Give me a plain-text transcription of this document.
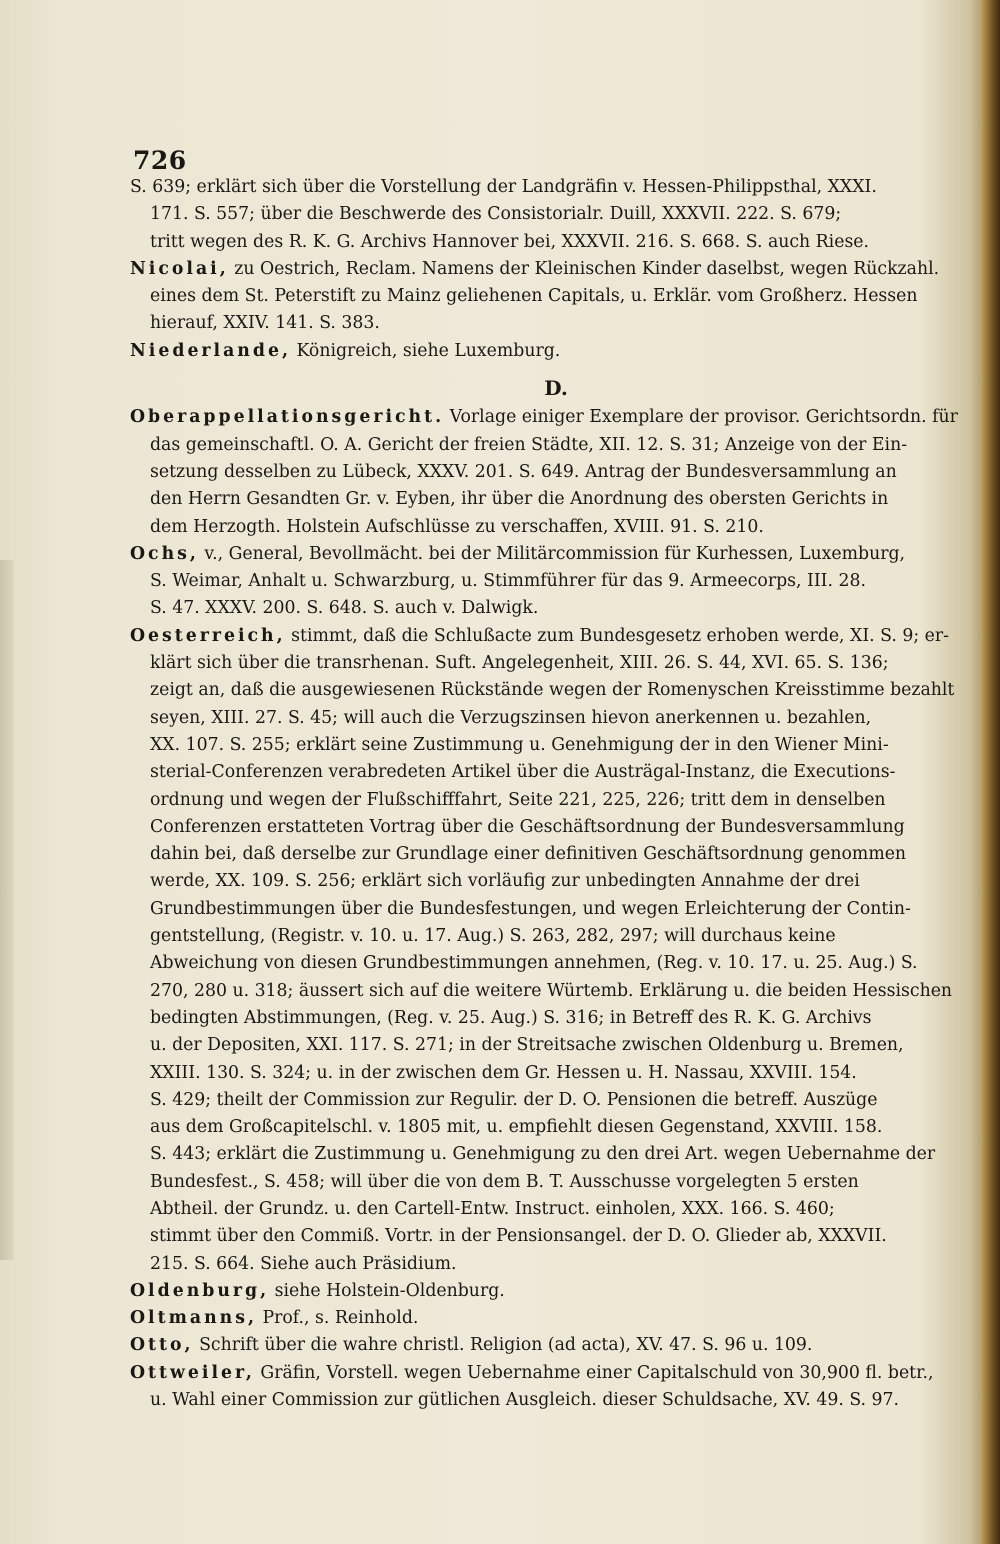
726
S. 639; erklärt sich über die Vorstellung der Landgräfin v. Hessen-Philippsthal, XXXI.
171. S. 557; über die Beschwerde des Consistorialr. Duill, XXXVII. 222. S. 679;
tritt wegen des R. K. G. Archivs Hannover bei, XXXVII. 216. S. 668. S. auch Riese.
Nicolai, zu Oestrich, Reclam. Namens der Kleinischen Kinder daselbst, wegen Rückzahl.
eines dem St. Peterstift zu Mainz geliehenen Capitals, u. Erklär. vom Großherz. Hessen
hierauf, XXIV. 141. S. 383.
Niederlande, Königreich, siehe Luxemburg.
D.
Oberappellationsgericht. Vorlage einiger Exemplare der provisor. Gerichtsordn. für
das gemeinschaftl. O. A. Gericht der freien Städte, XII. 12. S. 31; Anzeige von der Ein-
setzung desselben zu Lübeck, XXXV. 201. S. 649. Antrag der Bundesversammlung an
den Herrn Gesandten Gr. v. Eyben, ihr über die Anordnung des obersten Gerichts in
dem Herzogth. Holstein Aufschlüsse zu verschaffen, XVIII. 91. S. 210.
Ochs, v., General, Bevollmächt. bei der Militärcommission für Kurhessen, Luxemburg,
S. Weimar, Anhalt u. Schwarzburg, u. Stimmführer für das 9. Armeecorps, III. 28.
S. 47. XXXV. 200. S. 648. S. auch v. Dalwigk.
Oesterreich, stimmt, daß die Schlußacte zum Bundesgesetz erhoben werde, XI. S. 9; er-
klärt sich über die transrhenan. Suft. Angelegenheit, XIII. 26. S. 44, XVI. 65. S. 136;
zeigt an, daß die ausgewiesenen Rückstände wegen der Romenyschen Kreisstimme bezahlt
seyen, XIII. 27. S. 45; will auch die Verzugszinsen hievon anerkennen u. bezahlen,
XX. 107. S. 255; erklärt seine Zustimmung u. Genehmigung der in den Wiener Mini-
sterial-Conferenzen verabredeten Artikel über die Austrägal-Instanz, die Executions-
ordnung und wegen der Flußschifffahrt, Seite 221, 225, 226; tritt dem in denselben
Conferenzen erstatteten Vortrag über die Geschäftsordnung der Bundesversammlung
dahin bei, daß derselbe zur Grundlage einer definitiven Geschäftsordnung genommen
werde, XX. 109. S. 256; erklärt sich vorläufig zur unbedingten Annahme der drei
Grundbestimmungen über die Bundesfestungen, und wegen Erleichterung der Contin-
gentstellung, (Registr. v. 10. u. 17. Aug.) S. 263, 282, 297; will durchaus keine
Abweichung von diesen Grundbestimmungen annehmen, (Reg. v. 10. 17. u. 25. Aug.) S.
270, 280 u. 318; äussert sich auf die weitere Würtemb. Erklärung u. die beiden Hessischen
bedingten Abstimmungen, (Reg. v. 25. Aug.) S. 316; in Betreff des R. K. G. Archivs
u. der Depositen, XXI. 117. S. 271; in der Streitsache zwischen Oldenburg u. Bremen,
XXIII. 130. S. 324; u. in der zwischen dem Gr. Hessen u. H. Nassau, XXVIII. 154.
S. 429; theilt der Commission zur Regulir. der D. O. Pensionen die betreff. Auszüge
aus dem Großcapitelschl. v. 1805 mit, u. empfiehlt diesen Gegenstand, XXVIII. 158.
S. 443; erklärt die Zustimmung u. Genehmigung zu den drei Art. wegen Uebernahme der
Bundesfest., S. 458; will über die von dem B. T. Ausschusse vorgelegten 5 ersten
Abtheil. der Grundz. u. den Cartell-Entw. Instruct. einholen, XXX. 166. S. 460;
stimmt über den Commiß. Vortr. in der Pensionsangel. der D. O. Glieder ab, XXXVII.
215. S. 664. Siehe auch Präsidium.
Oldenburg, siehe Holstein-Oldenburg.
Oltmanns, Prof., s. Reinhold.
Otto, Schrift über die wahre christl. Religion (ad acta), XV. 47. S. 96 u. 109.
Ottweiler, Gräfin, Vorstell. wegen Uebernahme einer Capitalschuld von 30,900 fl. betr.,
u. Wahl einer Commission zur gütlichen Ausgleich. dieser Schuldsache, XV. 49. S. 97.
